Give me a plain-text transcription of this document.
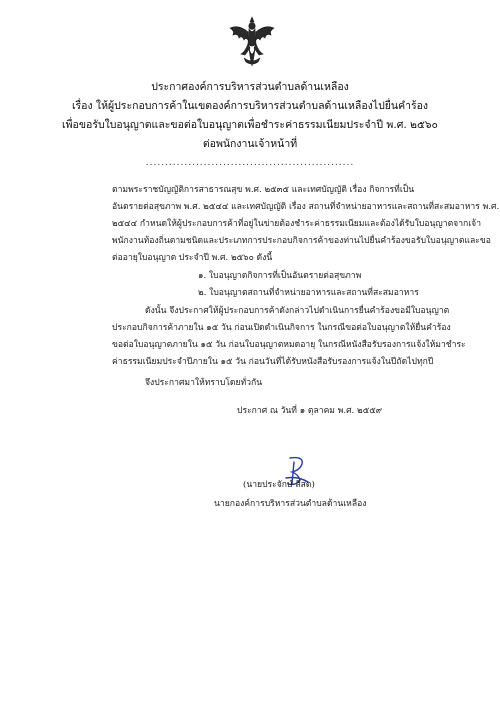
ประกาศองค์การบริหารส่วนตำบลด้านเหลือง
เรื่อง ให้ผู้ประกอบการค้าในเขตองค์การบริหารส่วนตำบลด้านเหลืองไปยื่นคำร้อง
เพื่อขอรับใบอนุญาตและขอต่อใบอนุญาตเพื่อชำระค่าธรรมเนียมประจำปี พ.ศ. ๒๕๖๐
ต่อพนักงานเจ้าหน้าที่
......................................................
ตามพระราชบัญญัติการสาธารณสุข พ.ศ. ๒๕๓๕ และเทศบัญญัติ เรื่อง กิจการที่เป็น
อันตรายต่อสุขภาพ พ.ศ. ๒๕๔๔ และเทศบัญญัติ เรื่อง สถานที่จำหน่ายอาหารและสถานที่สะสมอาหาร พ.ศ.
๒๕๔๔ กำหนดให้ผู้ประกอบการค้าที่อยู่ในข่ายต้องชำระค่าธรรมเนียมและต้องได้รับใบอนุญาตจากเจ้า
พนักงานท้องถิ่นตามชนิดและประเภทการประกอบกิจการค้าของท่านไปยื่นคำร้องขอรับใบอนุญาตและขอ
ต่ออายุใบอนุญาต ประจำปี พ.ศ. ๒๕๖๐ ดังนี้
๑. ใบอนุญาตกิจการที่เป็นอันตรายต่อสุขภาพ
๒. ใบอนุญาตสถานที่จำหน่ายอาหารและสถานที่สะสมอาหาร
ดังนั้น จึงประกาศให้ผู้ประกอบการค้าดังกล่าวไปดำเนินการยื่นคำร้องขอมีใบอนุญาต
ประกอบกิจการค้าภายใน ๑๕ วัน ก่อนเปิดดำเนินกิจการ ในกรณีขอต่อใบอนุญาตให้ยื่นคำร้อง
ขอต่อใบอนุญาตภายใน ๑๕ วัน ก่อนใบอนุญาตหมดอายุ ในกรณีหนังสือรับรองการแจ้งให้มาชำระ
ค่าธรรมเนียมประจำปีภายใน ๑๕ วัน ก่อนวันที่ได้รับหนังสือรับรองการแจ้งในปีถัดไปทุกปี
จึงประกาศมาให้ทราบโดยทั่วกัน
ประกาศ ณ วันที่ ๑ ตุลาคม พ.ศ. ๒๕๕๙
(นายประจักษ์ สีสด)
นายกองค์การบริหารส่วนตำบลด้านเหลือง
